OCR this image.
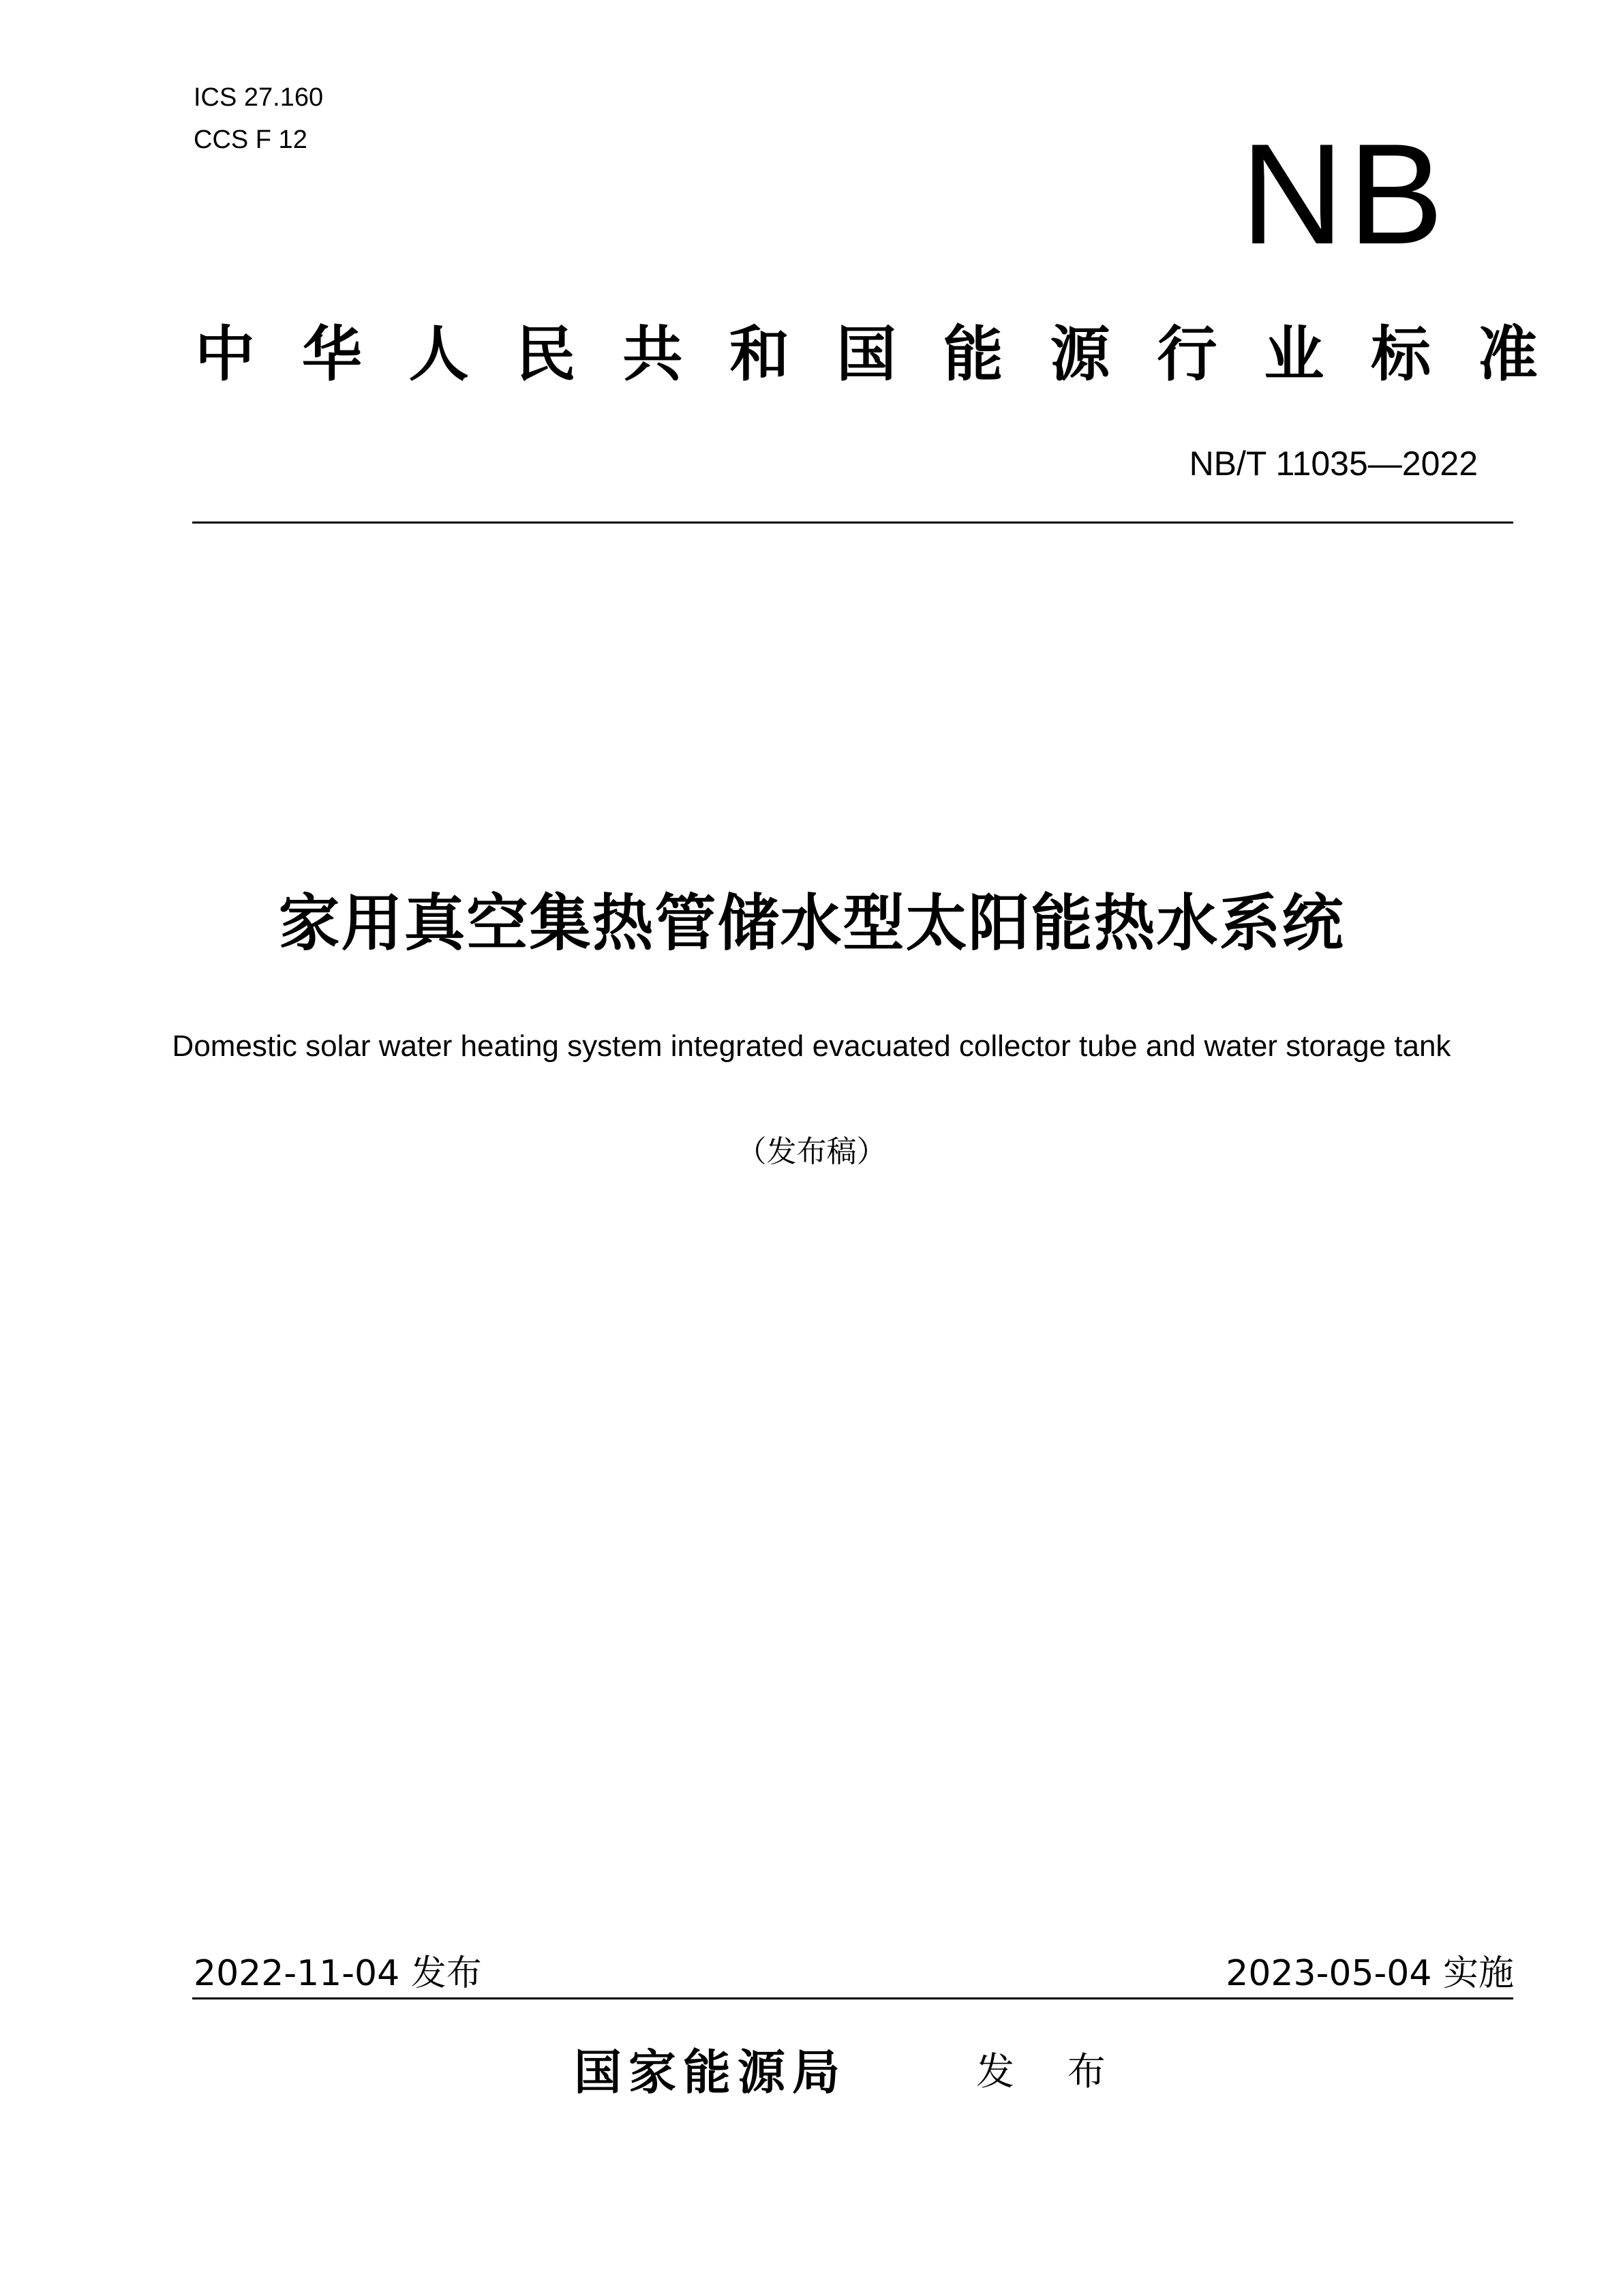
ICS 27.160
CCS F 12	NB
中 华 人 民 共 和 国 能 源 行 业 标 准
NB/T 11035—2022
家用真空集热管储水型太阳能热水系统
Domestic solar water heating system integrated evacuated collector tube and water storage tank
（发布稿）
2022-11-04 发布	2023-05-04 实施
国家能源局	发 布
